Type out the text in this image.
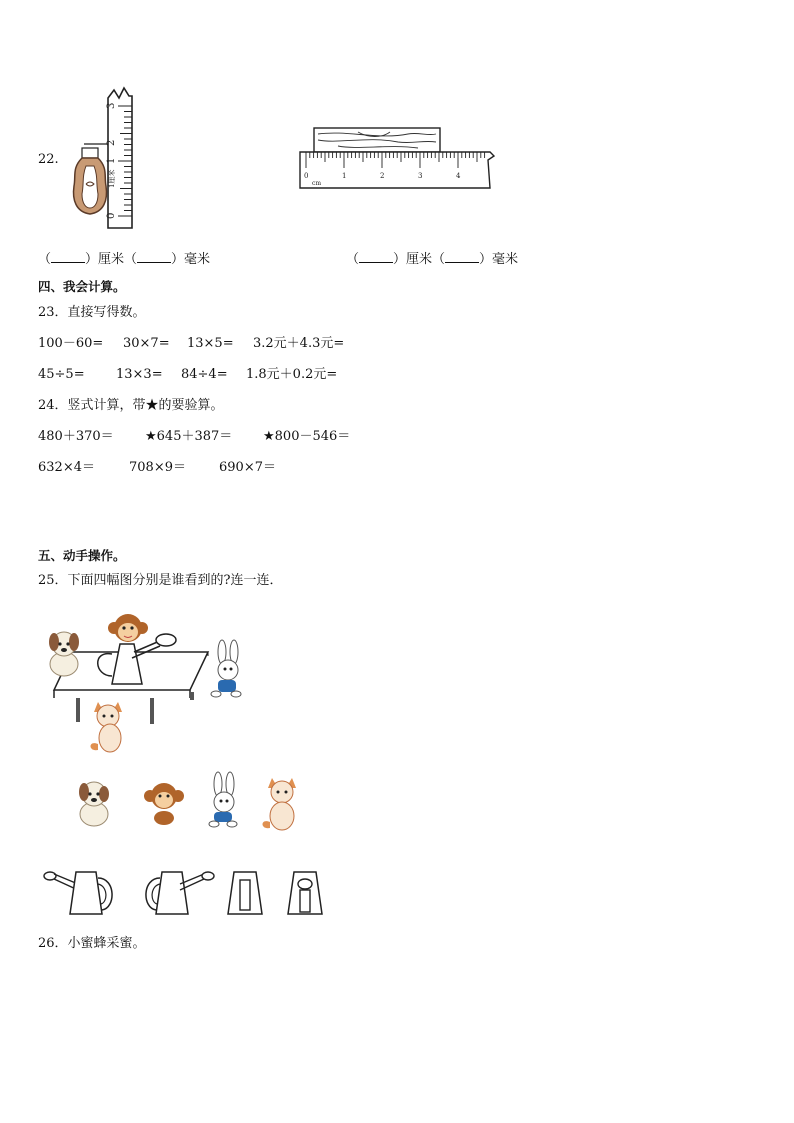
22.
0
1
3
1厘米
2
0	1	2	3	4
cm
（	）厘米（	）毫米	（	）厘米（	）毫米
四、我会计算。
23．直接写得数。
100－60= 30×7= 13×5= 3.2元＋4.3元=
45÷5= 13×3= 84÷4= 1.8元＋0.2元=
24．竖式计算，带★的要验算。
480＋370＝ ★645＋387＝ ★800－546＝
632×4＝	708×9＝	690×7＝
五、动手操作。
25．下面四幅图分别是谁看到的?连一连．
26．小蜜蜂采蜜。
